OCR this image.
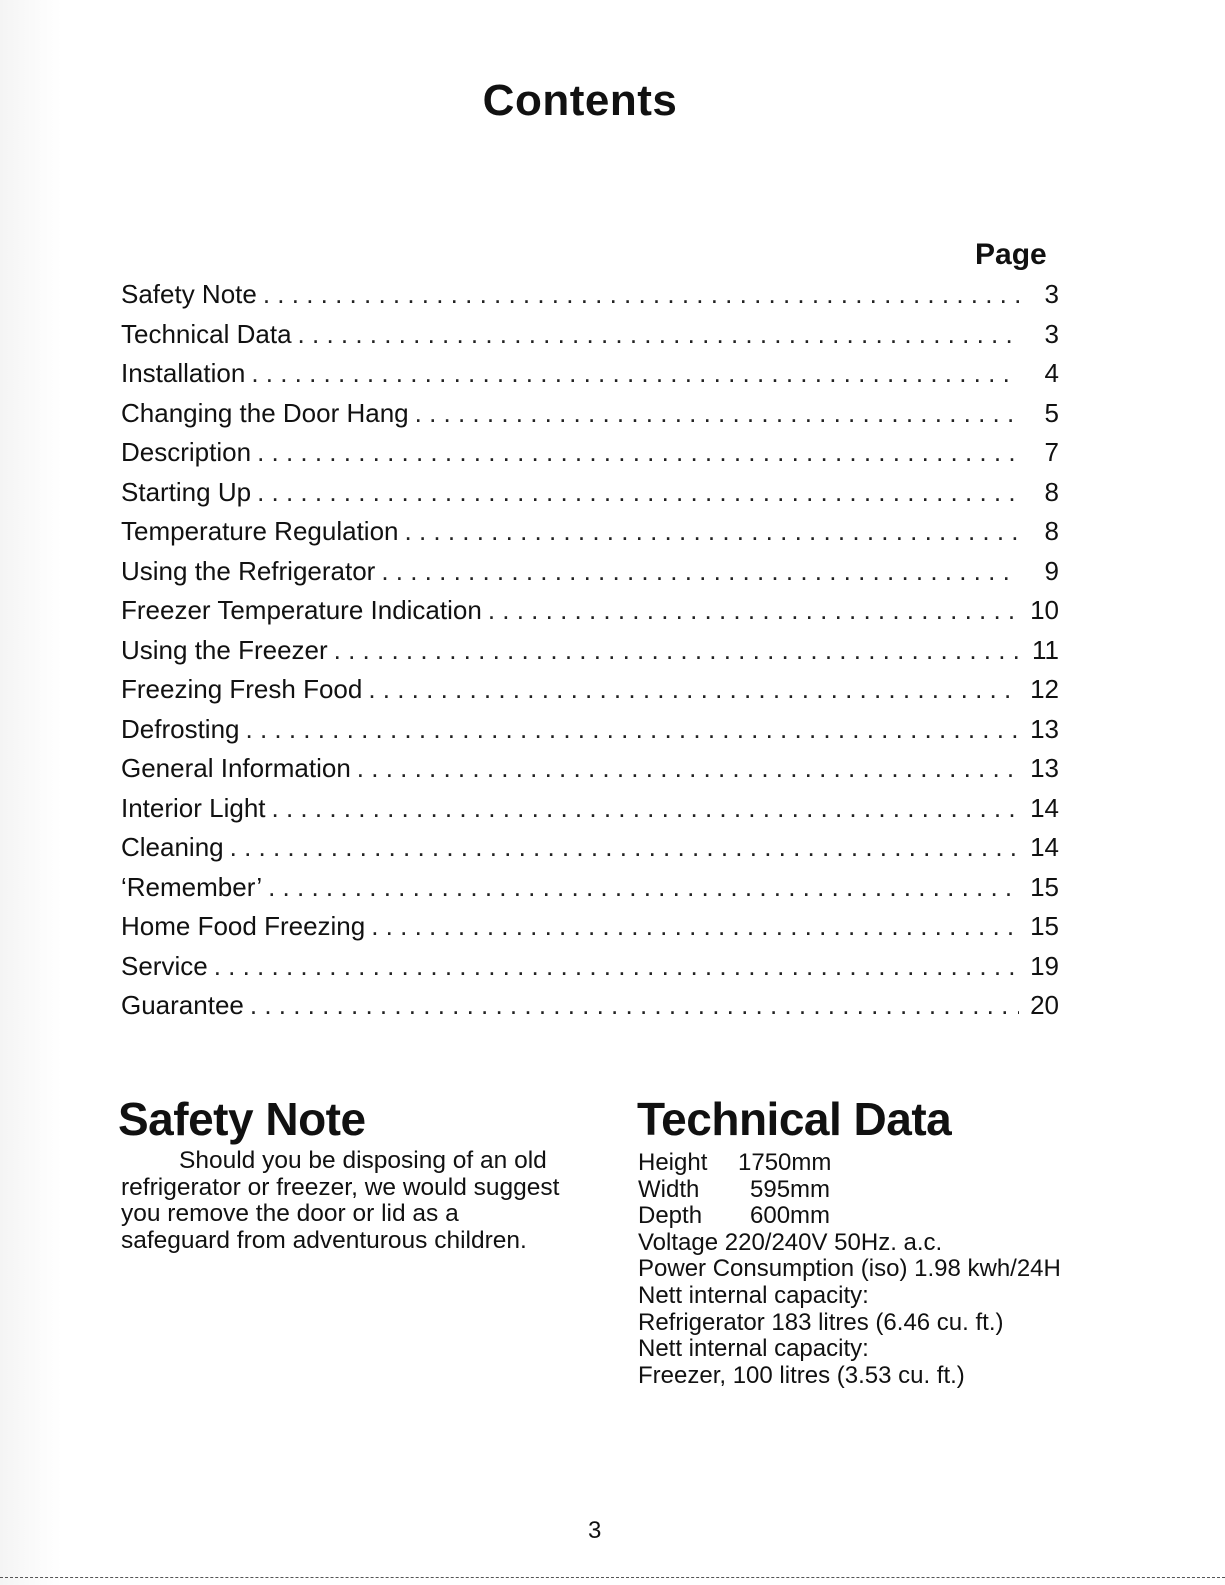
Contents
Page
Safety Note . . .	3
Technical Data . . .	3
Installation . . .	4
Changing the Door Hang . . .	5
Description . . .	7
Starting Up . . .	8
Temperature Regulation . . .	8
Using the Refrigerator . . .	9
Freezer Temperature Indication . . .	10
Using the Freezer . . .	11
Freezing Fresh Food . . .	12
Defrosting . . .	13
General Information . . .	13
Interior Light . . .	14
Cleaning . . .	14
‘Remember’ . . .	15
Home Food Freezing . . .	15
Service . . .	19
Guarantee . . .	20
Safety Note

Should you be disposing of an old refrigerator or freezer, we would suggest you remove the door or lid as a safeguard from adventurous children.

Technical Data
Height	1750mm
Width	595mm
Depth	600mm
Voltage 220/240V 50Hz. a.c.
Power Consumption (iso) 1.98 kwh/24H
Nett internal capacity:
Refrigerator 183 litres (6.46 cu. ft.)
Nett internal capacity:
Freezer, 100 litres (3.53 cu. ft.)
3
